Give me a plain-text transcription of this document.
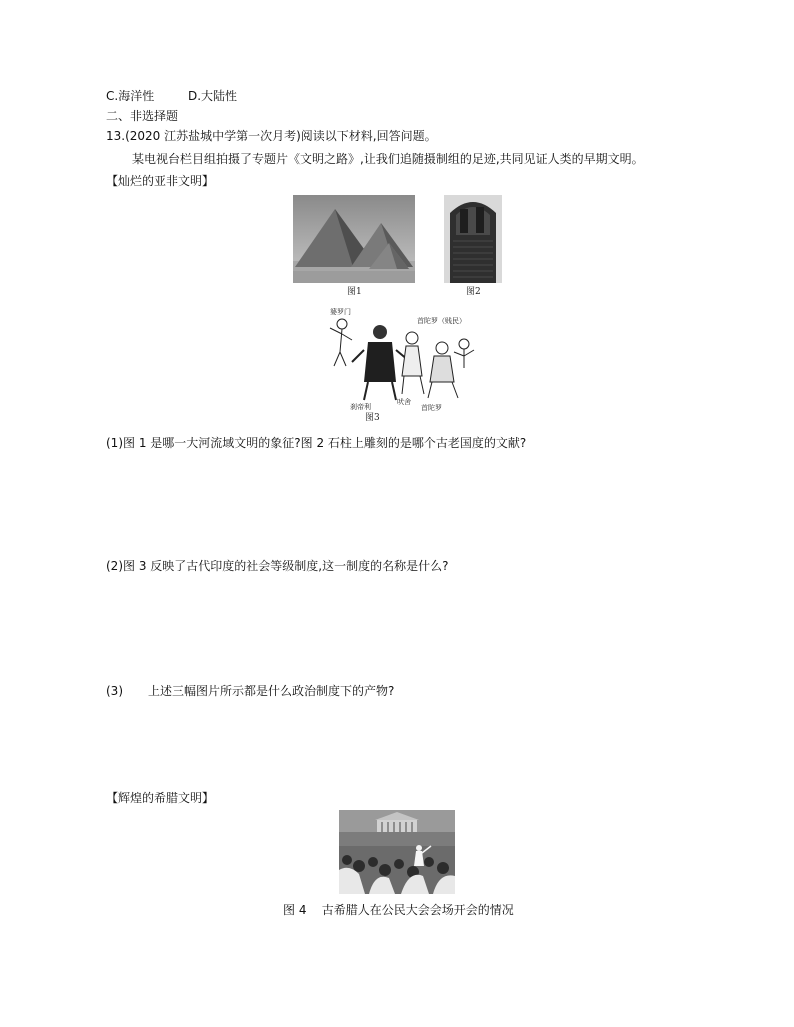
C.海洋性	D.大陆性
二、非选择题
13.(2020 江苏盐城中学第一次月考)阅读以下材料,回答问题。
某电视台栏目组拍摄了专题片《文明之路》,让我们追随摄制组的足迹,共同见证人类的早期文明。
【灿烂的亚非文明】
图1	图2
婆罗门
首陀罗（贱民）
刹帝利
吠舍
首陀罗
图3
(1)图 1 是哪一大河流域文明的象征?图 2 石柱上雕刻的是哪个古老国度的文献?
(2)图 3 反映了古代印度的社会等级制度,这一制度的名称是什么?
(3) 上述三幅图片所示都是什么政治制度下的产物?
【辉煌的希腊文明】
图 4    古希腊人在公民大会会场开会的情况
